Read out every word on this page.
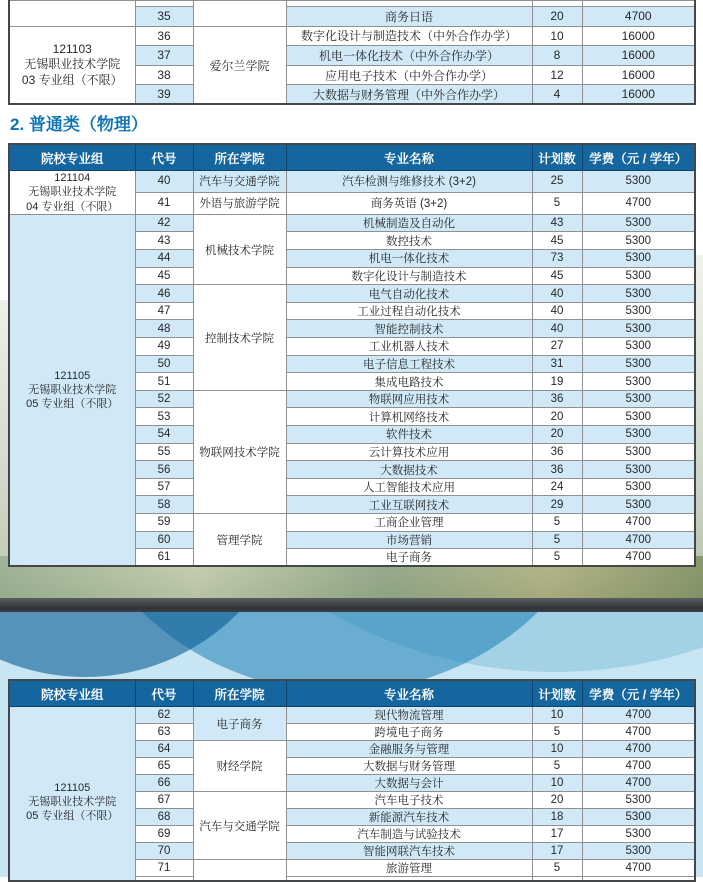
	35		商务日语	20	4700

121103
无锡职业技术学院
03 专业组（不限）	36	爱尔兰学院	数字化设计与制造技术（中外合作办学）	10	16000
	37		机电一体化技术（中外合作办学）	8	16000
	38		应用电子技术（中外合作办学）	12	16000
	39		大数据与财务管理（中外合作办学）	4	16000
2. 普通类（物理）
院校专业组	代号	所在学院	专业名称	计划数	学费（元 / 学年）

121104
无锡职业技术学院
04 专业组（不限）	40	汽车与交通学院	汽车检测与维修技术 (3+2)	25	5300
	41	外语与旅游学院	商务英语 (3+2)	5	4700

121105
无锡职业技术学院
05 专业组（不限）	42	机械技术学院	机械制造及自动化	43	5300
	43		数控技术	45	5300
	44		机电一体化技术	73	5300
	45		数字化设计与制造技术	45	5300
	46	控制技术学院	电气自动化技术	40	5300
	47		工业过程自动化技术	40	5300
	48		智能控制技术	40	5300
	49		工业机器人技术	27	5300
	50		电子信息工程技术	31	5300
	51		集成电路技术	19	5300
	52	物联网技术学院	物联网应用技术	36	5300
	53		计算机网络技术	20	5300
	54		软件技术	20	5300
	55		云计算技术应用	36	5300
	56		大数据技术	36	5300
	57		人工智能技术应用	24	5300
	58		工业互联网技术	29	5300
	59	管理学院	工商企业管理	5	4700
	60		市场营销	5	4700
	61		电子商务	5	4700
院校专业组	代号	所在学院	专业名称	计划数	学费（元 / 学年）

121105
无锡职业技术学院
05 专业组（不限）	62	电子商务	现代物流管理	10	4700
	63		跨境电子商务	5	4700
	64	财经学院	金融服务与管理	10	4700
	65		大数据与财务管理	5	4700
	66		大数据与会计	10	4700
	67	汽车与交通学院	汽车电子技术	20	5300
	68		新能源汽车技术	18	5300
	69		汽车制造与试验技术	17	5300
	70		智能网联汽车技术	17	5300
	71		旅游管理	5	4700
